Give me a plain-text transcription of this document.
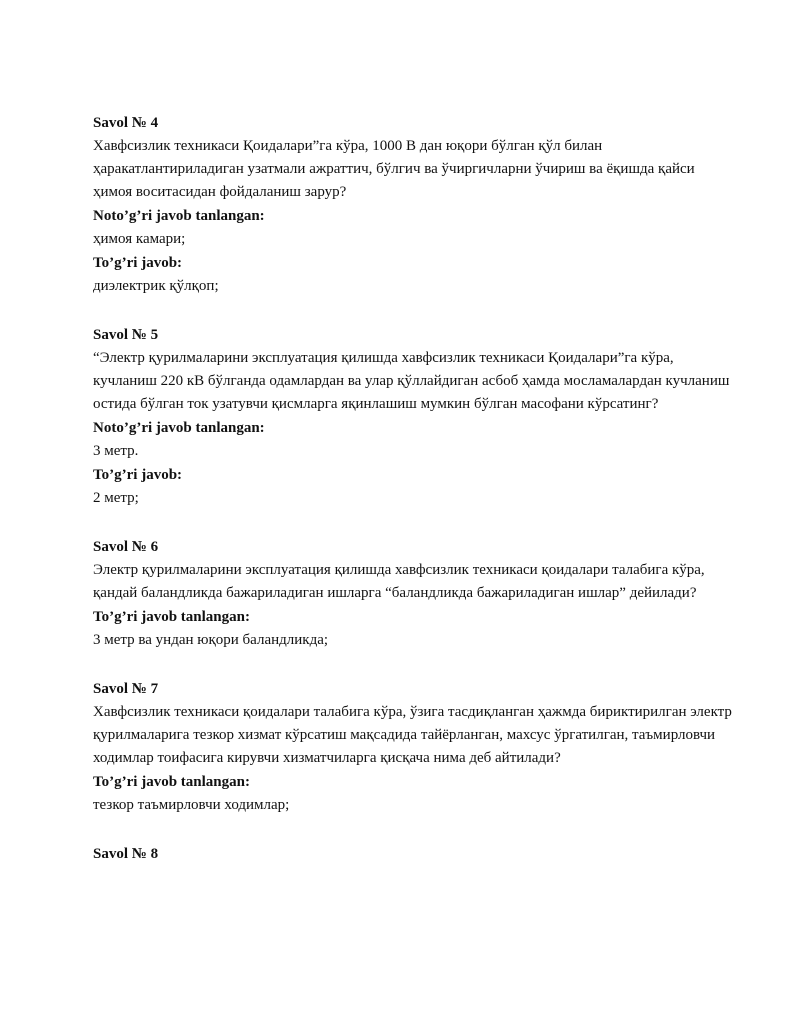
Savol № 4

Хавфсизлик техникаси Қоидалари”га кўра, 1000 В дан юқори бўлган қўл билан ҳаракатлантириладиган узатмали ажраттич, бўлгич ва ўчиргичларни ўчириш ва ёқишда қайси ҳимоя воситасидан фойдаланиш зарур?

Noto’g’ri javob tanlangan:

ҳимоя камари;

To’g’ri javob:

диэлектрик қўлқоп;

Savol № 5

“Электр қурилмаларини эксплуатация қилишда хавфсизлик техникаси Қоидалари”га кўра, кучланиш 220 кВ бўлганда одамлардан ва улар қўллайдиган асбоб ҳамда мосламалардан кучланиш остида бўлган ток узатувчи қисмларга яқинлашиш мумкин бўлган масофани кўрсатинг?

Noto’g’ri javob tanlangan:

3 метр.

To’g’ri javob:

2 метр;

Savol № 6

Электр қурилмаларини эксплуатация қилишда хавфсизлик техникаси қоидалари талабига кўра, қандай баландликда бажариладиган ишларга “баландликда бажариладиган ишлар” дейилади?

To’g’ri javob tanlangan:

3 метр ва ундан юқори баландликда;

Savol № 7

Хавфсизлик техникаси қоидалари талабига кўра, ўзига тасдиқланган ҳажмда бириктирилган электр қурилмаларига тезкор хизмат кўрсатиш мақсадида тайёрланган, махсус ўргатилган, таъмирловчи ходимлар тоифасига кирувчи хизматчиларга қисқача нима деб айтилади?

To’g’ri javob tanlangan:

тезкор таъмирловчи ходимлар;

Savol № 8
